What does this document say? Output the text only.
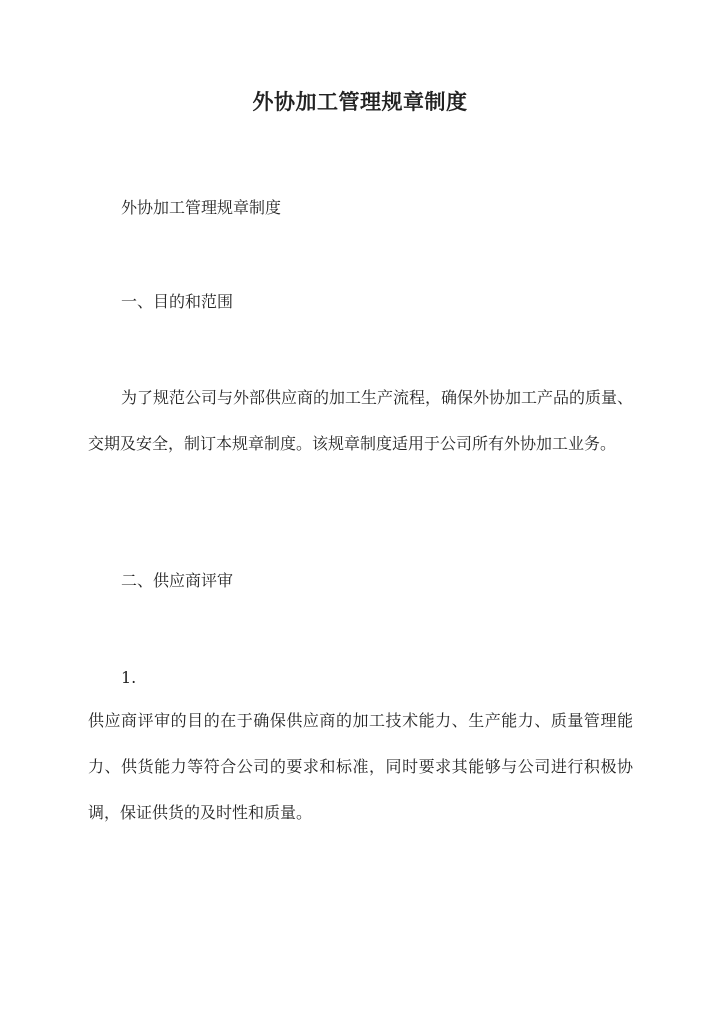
外协加工管理规章制度
外协加工管理规章制度
一、目的和范围
为了规范公司与外部供应商的加工生产流程，确保外协加工产品的质量、交期及安全，制订本规章制度。该规章制度适用于公司所有外协加工业务。
二、供应商评审
1.
供应商评审的目的在于确保供应商的加工技术能力、生产能力、质量管理能力、供货能力等符合公司的要求和标准，同时要求其能够与公司进行积极协调，保证供货的及时性和质量。
